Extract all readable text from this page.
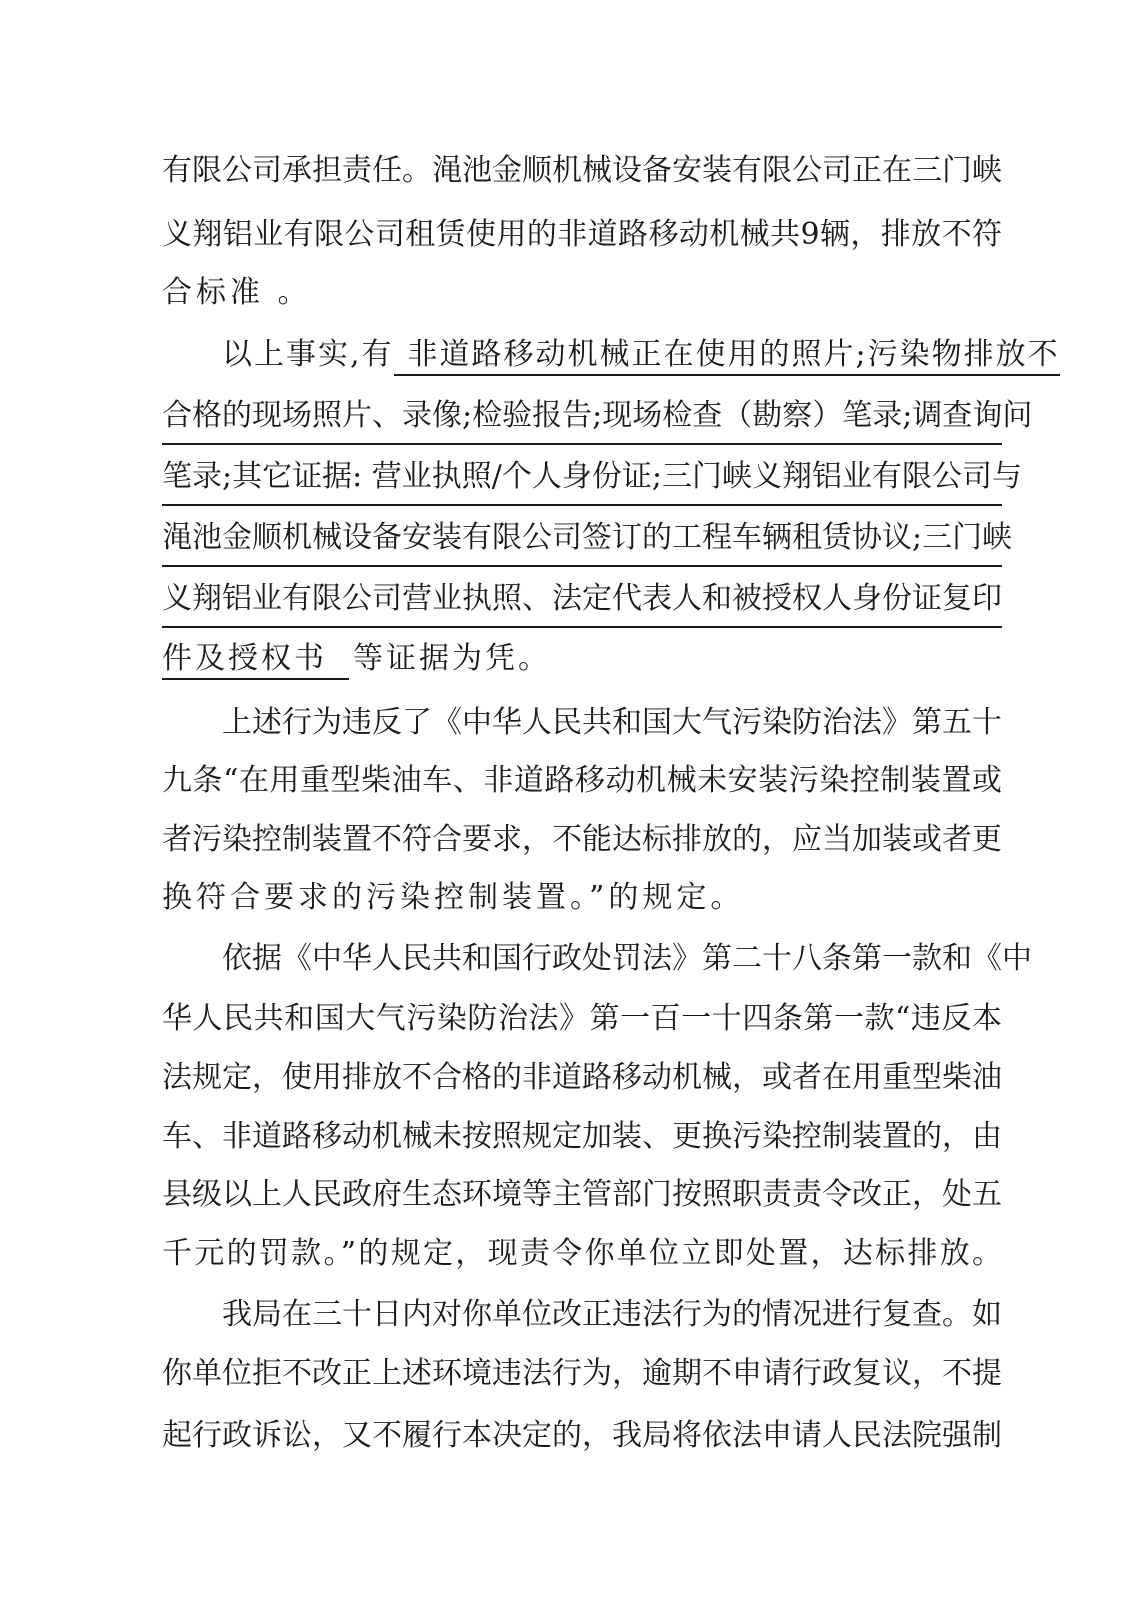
有限公司承担责任。渑池金顺机械设备安装有限公司正在三门峡
义翔铝业有限公司租赁使用的非道路移动机械共9辆，排放不符
合标准 。
以上事实,有 非道路移动机械正在使用的照片;污染物排放不
合格的现场照片、录像;检验报告;现场检查（勘察）笔录;调查询问
笔录;其它证据: 营业执照/个人身份证;三门峡义翔铝业有限公司与
渑池金顺机械设备安装有限公司签订的工程车辆租赁协议;三门峡
义翔铝业有限公司营业执照、法定代表人和被授权人身份证复印
件及授权书 等证据为凭。
上述行为违反了《中华人民共和国大气污染防治法》第五十
九条“在用重型柴油车、非道路移动机械未安装污染控制装置或
者污染控制装置不符合要求，不能达标排放的，应当加装或者更
换符合要求的污染控制装置。”的规定。
依据《中华人民共和国行政处罚法》第二十八条第一款和《中
华人民共和国大气污染防治法》第一百一十四条第一款“违反本
法规定，使用排放不合格的非道路移动机械，或者在用重型柴油
车、非道路移动机械未按照规定加装、更换污染控制装置的，由
县级以上人民政府生态环境等主管部门按照职责责令改正，处五
千元的罚款。”的规定，现责令你单位立即处置，达标排放。
我局在三十日内对你单位改正违法行为的情况进行复查。如
你单位拒不改正上述环境违法行为，逾期不申请行政复议，不提
起行政诉讼，又不履行本决定的，我局将依法申请人民法院强制
